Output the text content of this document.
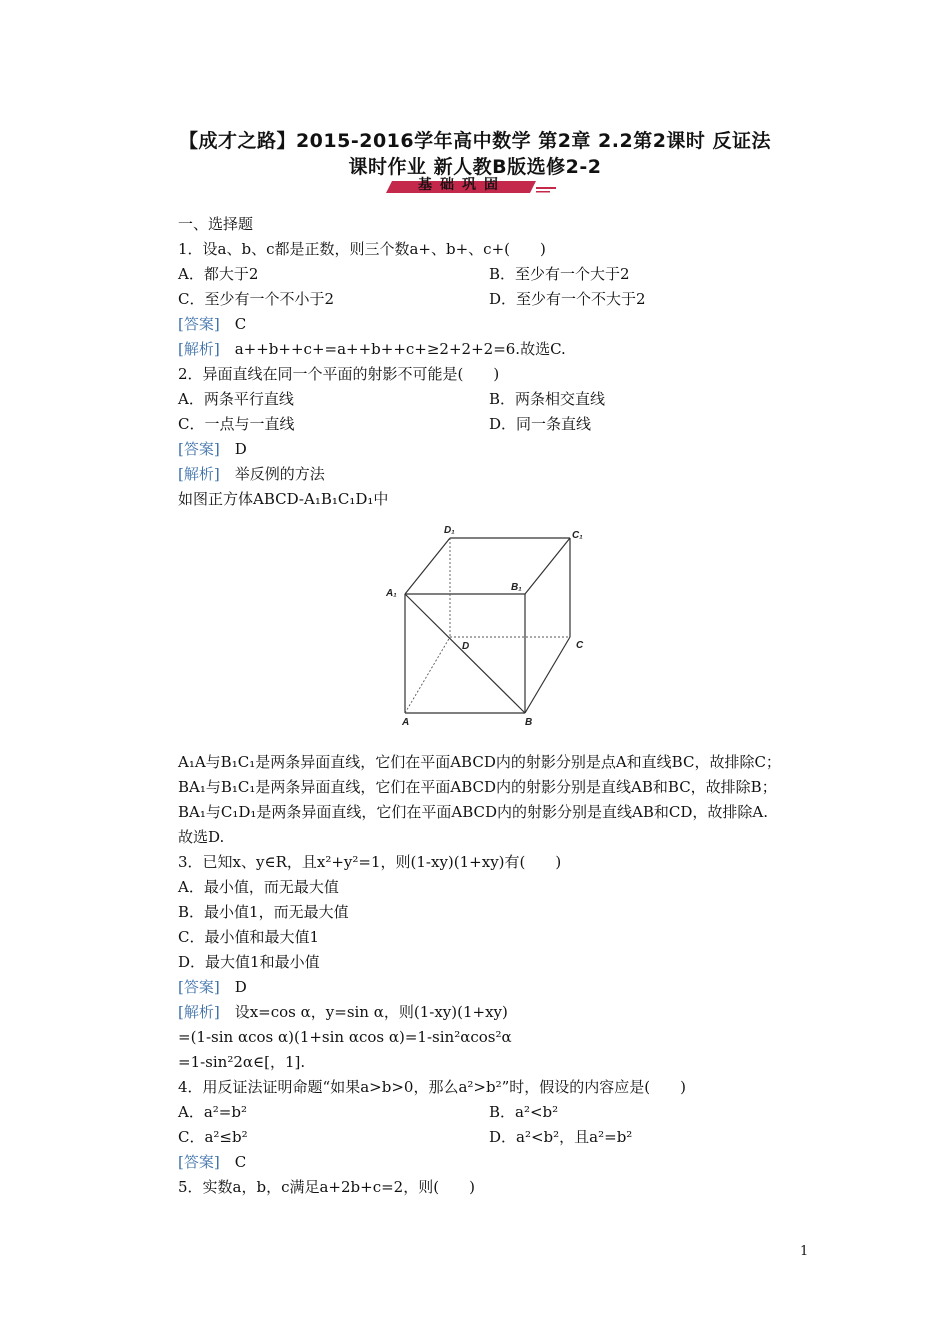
【成才之路】2015-2016学年高中数学 第2章 2.2第2课时 反证法
课时作业 新人教B版选修2-2
基础巩固
一、选择题
1．设a、b、c都是正数，则三个数a+、b+、c+(　　)
A．都大于2	B．至少有一个大于2
C．至少有一个不小于2	D．至少有一个不大于2
[答案]　C
[解析]　a++b++c+=a++b++c+≥2+2+2=6.故选C.
2．异面直线在同一个平面的射影不可能是(　　)
A．两条平行直线	B．两条相交直线
C．一点与一直线	D．同一条直线
[答案]　D
[解析]　举反例的方法
如图正方体ABCD-A₁B₁C₁D₁中
A₁A与B₁C₁是两条异面直线，它们在平面ABCD内的射影分别是点A和直线BC，故排除C；
BA₁与B₁C₁是两条异面直线，它们在平面ABCD内的射影分别是直线AB和BC，故排除B；
BA₁与C₁D₁是两条异面直线，它们在平面ABCD内的射影分别是直线AB和CD，故排除A.
故选D.
3．已知x、y∈R，且x²+y²=1，则(1-xy)(1+xy)有(　　)
A．最小值，而无最大值
B．最小值1，而无最大值
C．最小值和最大值1
D．最大值1和最小值
[答案]　D
[解析]　设x=cos α，y=sin α，则(1-xy)(1+xy)
=(1-sin αcos α)(1+sin αcos α)=1-sin²αcos²α
=1-sin²2α∈[，1].
4．用反证法证明命题“如果a>b>0，那么a²>b²”时，假设的内容应是(　　)
A．a²=b²	B．a²<b²
C．a²≤b²	D．a²<b²，且a²=b²
[答案]　C
5．实数a，b，c满足a+2b+c=2，则(　　)
D₁	C₁
A₁
B₁
D	C
A	B
1
